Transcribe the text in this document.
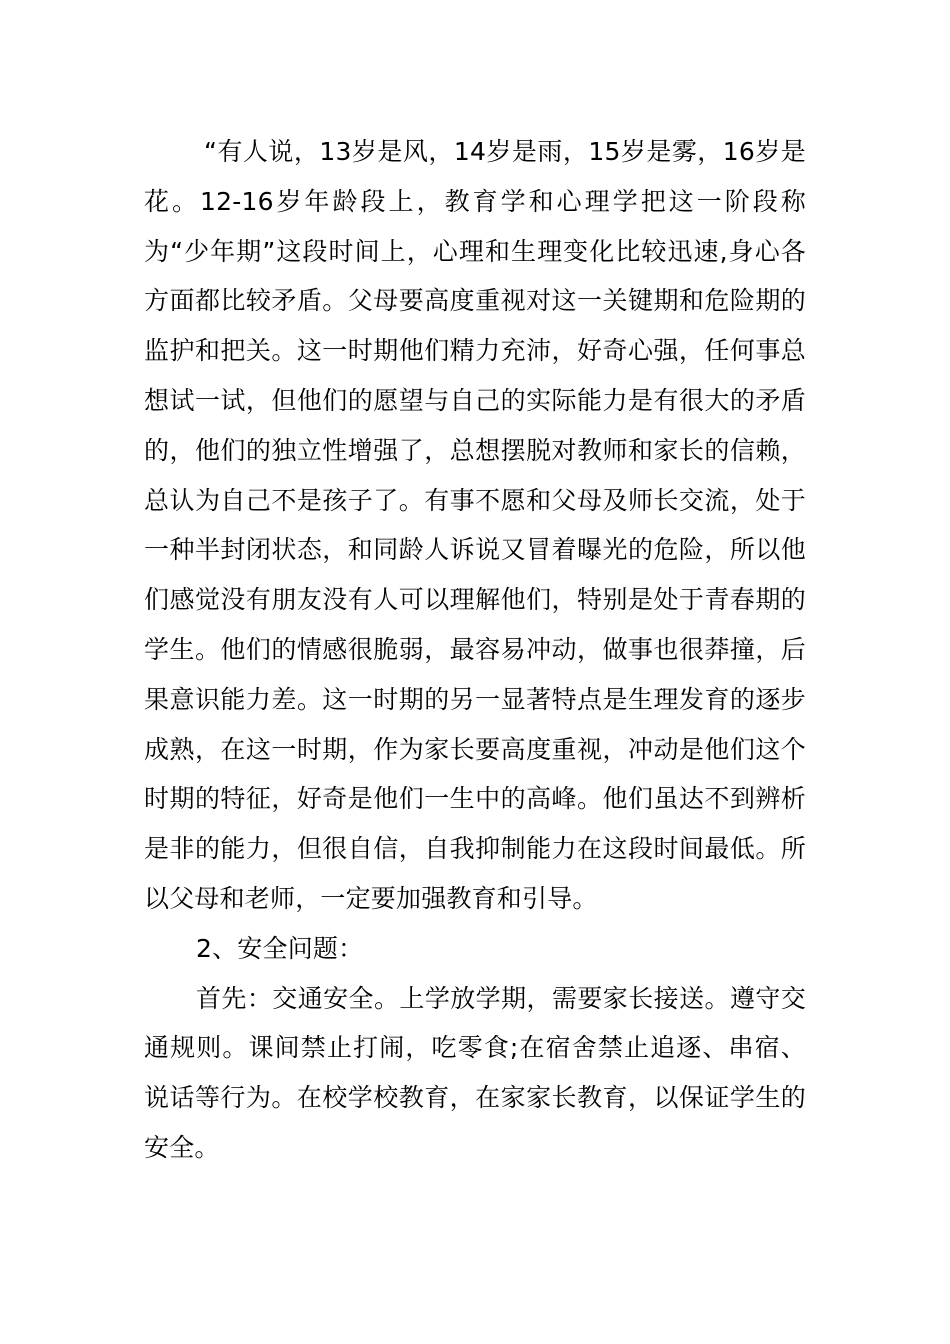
“有人说，13岁是风，14岁是雨，15岁是雾，16岁是花。12-16岁年龄段上，教育学和心理学把这一阶段称为“少年期”这段时间上，心理和生理变化比较迅速,身心各方面都比较矛盾。父母要高度重视对这一关键期和危险期的监护和把关。这一时期他们精力充沛，好奇心强，任何事总想试一试，但他们的愿望与自己的实际能力是有很大的矛盾的，他们的独立性增强了，总想摆脱对教师和家长的信赖，总认为自己不是孩子了。有事不愿和父母及师长交流，处于一种半封闭状态，和同龄人诉说又冒着曝光的危险，所以他们感觉没有朋友没有人可以理解他们，特别是处于青春期的学生。他们的情感很脆弱，最容易冲动，做事也很莽撞，后果意识能力差。这一时期的另一显著特点是生理发育的逐步成熟，在这一时期，作为家长要高度重视，冲动是他们这个时期的特征，好奇是他们一生中的高峰。他们虽达不到辨析是非的能力，但很自信，自我抑制能力在这段时间最低。所以父母和老师，一定要加强教育和引导。

2、安全问题：

首先：交通安全。上学放学期，需要家长接送。遵守交通规则。课间禁止打闹，吃零食;在宿舍禁止追逐、串宿、说话等行为。在校学校教育，在家家长教育，以保证学生的安全。
